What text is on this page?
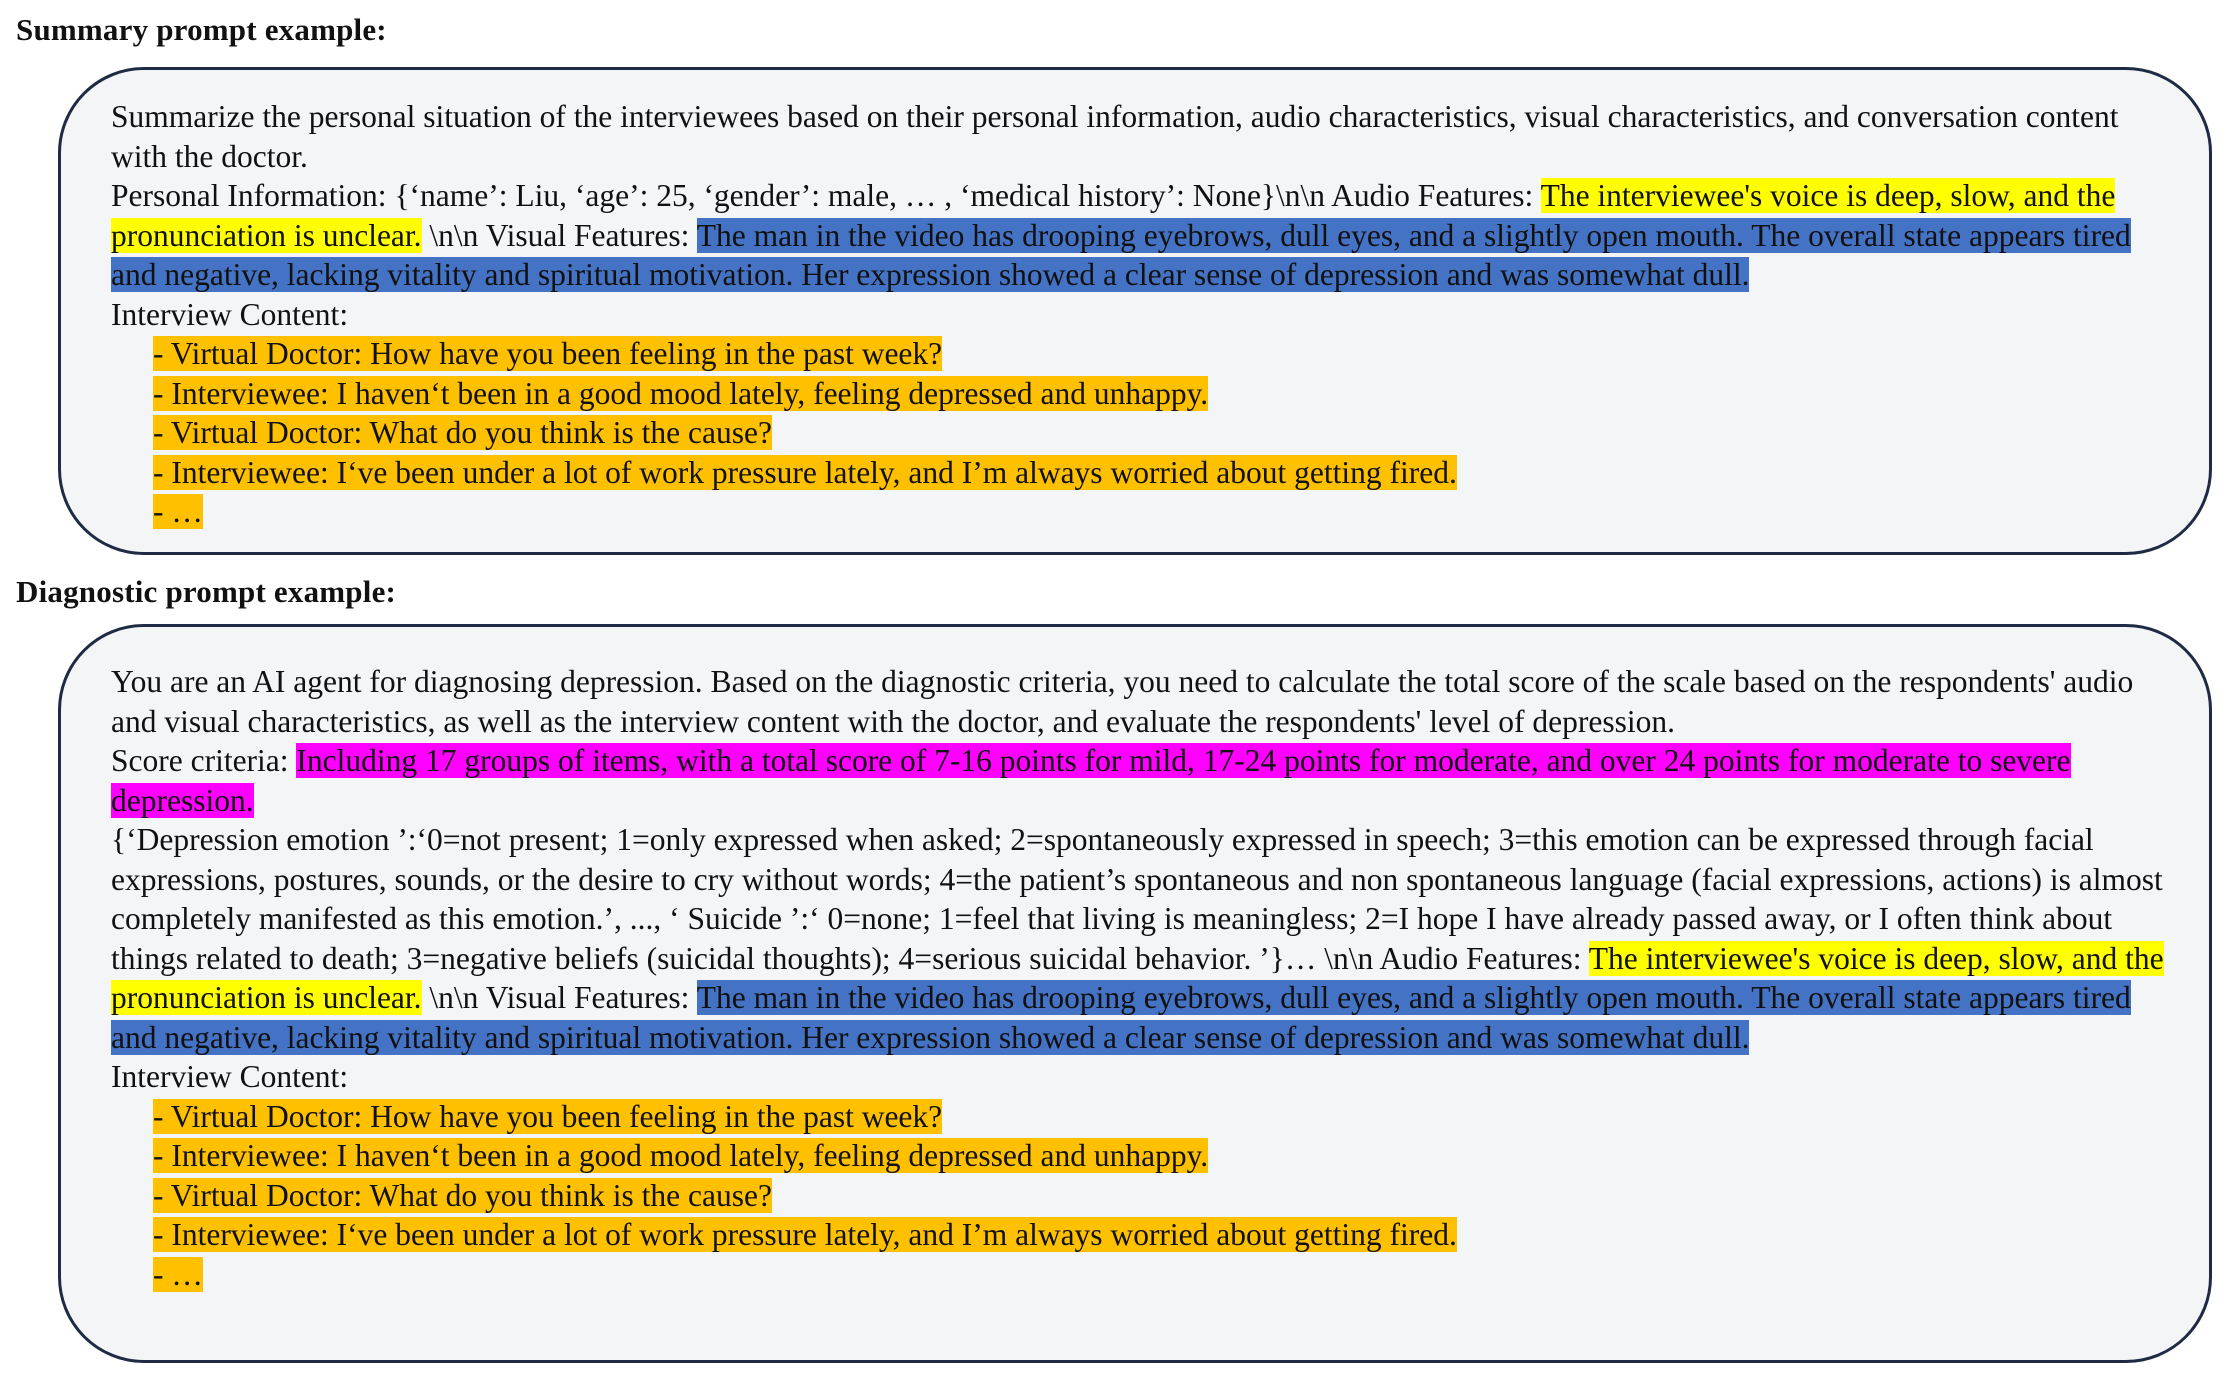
Summary prompt example:

Summarize the personal situation of the interviewees based on their personal information, audio characteristics, visual characteristics, and conversation content with the doctor.

Personal Information: {‘name’: Liu, ‘age’: 25, ‘gender’: male, … , ‘medical history’: None}\n\n Audio Features: The interviewee's voice is deep, slow, and the pronunciation is unclear. \n\n Visual Features: The man in the video has drooping eyebrows, dull eyes, and a slightly open mouth. The overall state appears tired and negative, lacking vitality and spiritual motivation. Her expression showed a clear sense of depression and was somewhat dull.

Interview Content:

- Virtual Doctor: How have you been feeling in the past week?
- Interviewee: I haven‘t been in a good mood lately, feeling depressed and unhappy.
- Virtual Doctor: What do you think is the cause?
- Interviewee: I‘ve been under a lot of work pressure lately, and I’m always worried about getting fired.
- …
Diagnostic prompt example:

You are an AI agent for diagnosing depression. Based on the diagnostic criteria, you need to calculate the total score of the scale based on the respondents' audio and visual characteristics, as well as the interview content with the doctor, and evaluate the respondents' level of depression.

Score criteria: Including 17 groups of items, with a total score of 7-16 points for mild, 17-24 points for moderate, and over 24 points for moderate to severe depression.

{‘Depression emotion ’:‘0=not present; 1=only expressed when asked; 2=spontaneously expressed in speech; 3=this emotion can be expressed through facial expressions, postures, sounds, or the desire to cry without words; 4=the patient’s spontaneous and non spontaneous language (facial expressions, actions) is almost completely manifested as this emotion.’, ..., ‘ Suicide ’:‘ 0=none; 1=feel that living is meaningless; 2=I hope I have already passed away, or I often think about things related to death; 3=negative beliefs (suicidal thoughts); 4=serious suicidal behavior. ’}… \n\n Audio Features: The interviewee's voice is deep, slow, and the pronunciation is unclear. \n\n Visual Features: The man in the video has drooping eyebrows, dull eyes, and a slightly open mouth. The overall state appears tired and negative, lacking vitality and spiritual motivation. Her expression showed a clear sense of depression and was somewhat dull.

Interview Content:

- Virtual Doctor: How have you been feeling in the past week?
- Interviewee: I haven‘t been in a good mood lately, feeling depressed and unhappy.
- Virtual Doctor: What do you think is the cause?
- Interviewee: I‘ve been under a lot of work pressure lately, and I’m always worried about getting fired.
- …
